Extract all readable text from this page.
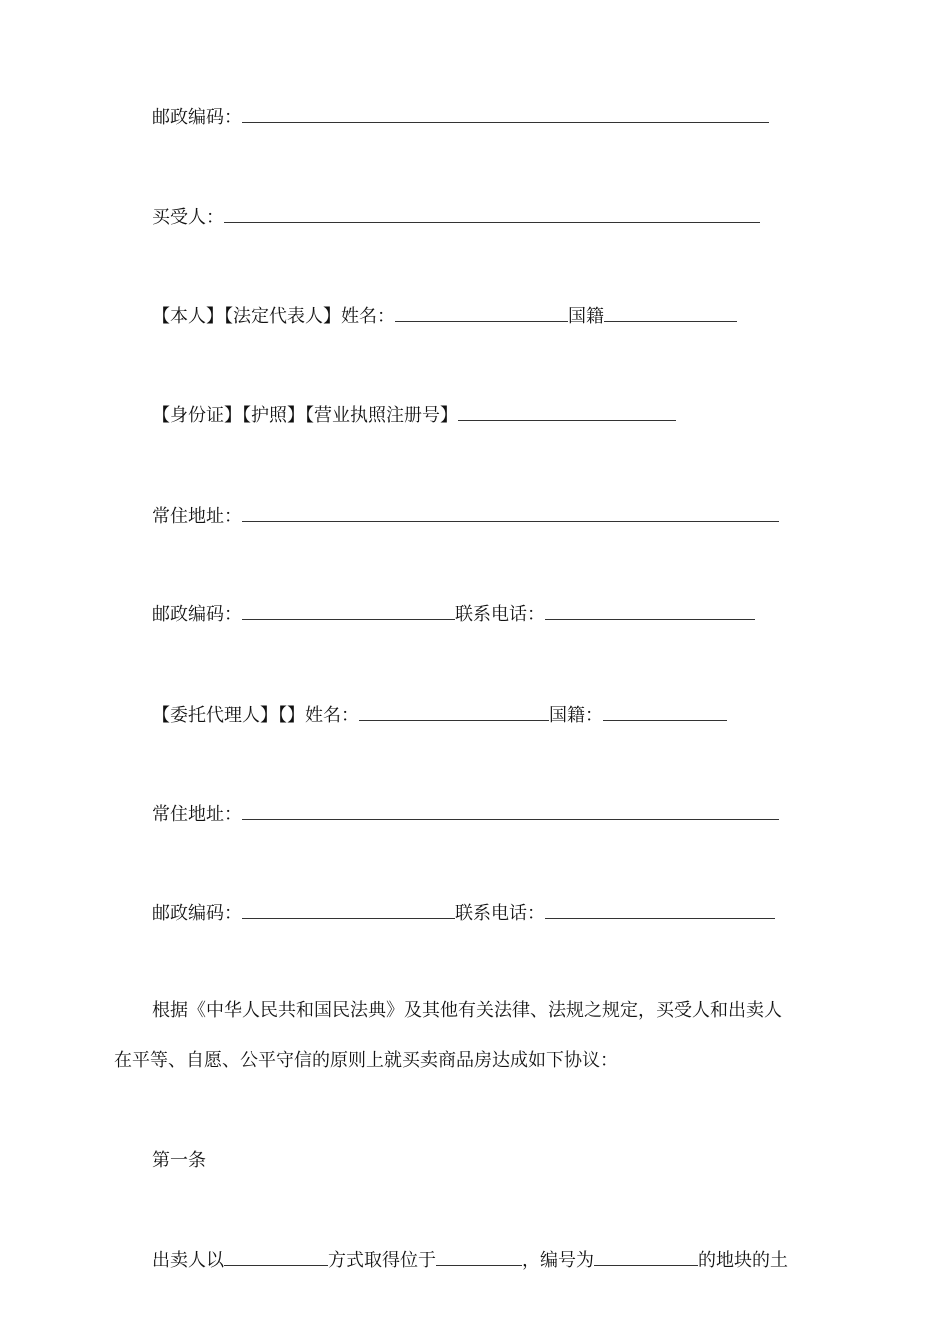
邮政编码：
买受人：
【本人】【法定代表人】姓名：	国籍
【身份证】【护照】【营业执照注册号】
常住地址：
邮政编码：	联系电话：
【委托代理人】【】姓名：	国籍：
常住地址：
邮政编码：	联系电话：
根据《中华人民共和国民法典》及其他有关法律、法规之规定，买受人和出卖人
在平等、自愿、公平守信的原则上就买卖商品房达成如下协议：
第一条
出卖人以	方式取得位于	，编号为	的地块的土
